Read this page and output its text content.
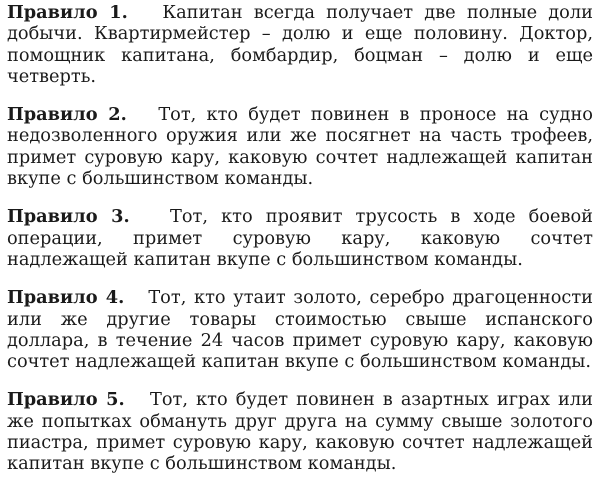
Правило 1.   Капитан всегда получает две полные доли добычи. Квартирмейстер – долю и еще половину. Доктор, помощник капитана, бомбардир, боцман – долю и еще четверть.

Правило 2.   Тот, кто будет повинен в проносе на судно недозволенного оружия или же посягнет на часть трофеев, примет суровую кару, каковую сочтет надлежащей капитан вкупе с большинством команды.

Правило 3.   Тот, кто проявит трусость в ходе боевой операции, примет суровую кару, каковую сочтет надлежащей капитан вкупе с большинством команды.

Правило 4.   Тот, кто утаит золото, серебро драгоценности или же другие товары стоимостью свыше испанского доллара, в течение 24 часов примет суровую кару, каковую сочтет надлежащей капитан вкупе с большинством команды.

Правило 5.   Тот, кто будет повинен в азартных играх или же попытках обмануть друг друга на сумму свыше золотого пиастра, примет суровую кару, каковую сочтет надлежащей капитан вкупе с большинством команды.
